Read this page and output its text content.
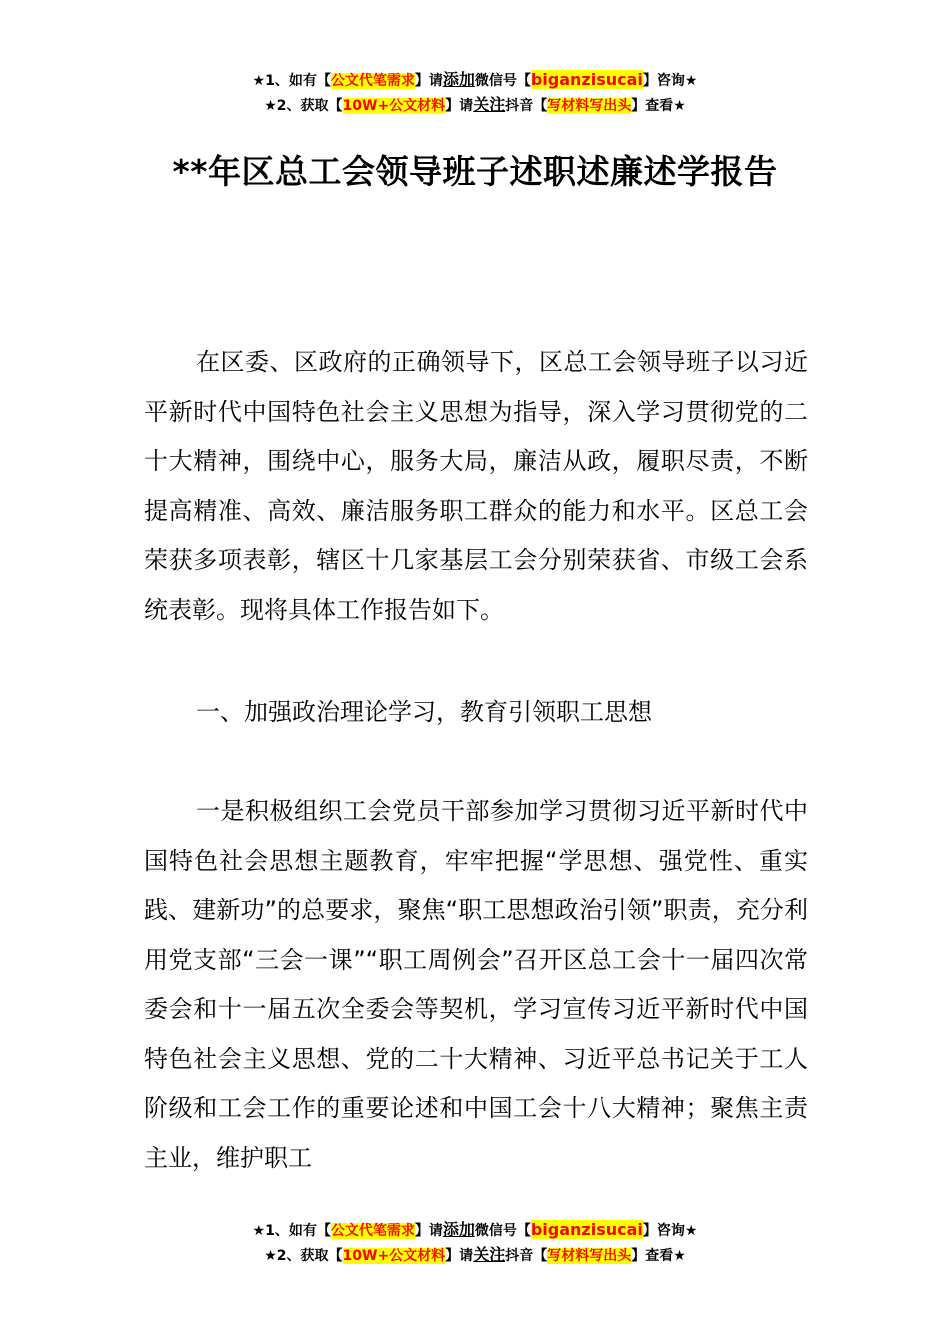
★1、如有【公文代笔需求】请添加微信号【biganzisucai】咨询★
★2、获取【10W+公文材料】请关注抖音【写材料写出头】查看★
**年区总工会领导班子述职述廉述学报告
在区委、区政府的正确领导下，区总工会领导班子以习近平新时代中国特色社会主义思想为指导，深入学习贯彻党的二十大精神，围绕中心，服务大局，廉洁从政，履职尽责，不断提高精准、高效、廉洁服务职工群众的能力和水平。区总工会荣获多项表彰，辖区十几家基层工会分别荣获省、市级工会系统表彰。现将具体工作报告如下。
一、加强政治理论学习，教育引领职工思想
一是积极组织工会党员干部参加学习贯彻习近平新时代中国特色社会思想主题教育，牢牢把握“学思想、强党性、重实践、建新功”的总要求，聚焦“职工思想政治引领”职责，充分利用党支部“三会一课”“职工周例会”召开区总工会十一届四次常委会和十一届五次全委会等契机，学习宣传习近平新时代中国特色社会主义思想、党的二十大精神、习近平总书记关于工人阶级和工会工作的重要论述和中国工会十八大精神；聚焦主责主业，维护职工
★1、如有【公文代笔需求】请添加微信号【biganzisucai】咨询★
★2、获取【10W+公文材料】请关注抖音【写材料写出头】查看★
